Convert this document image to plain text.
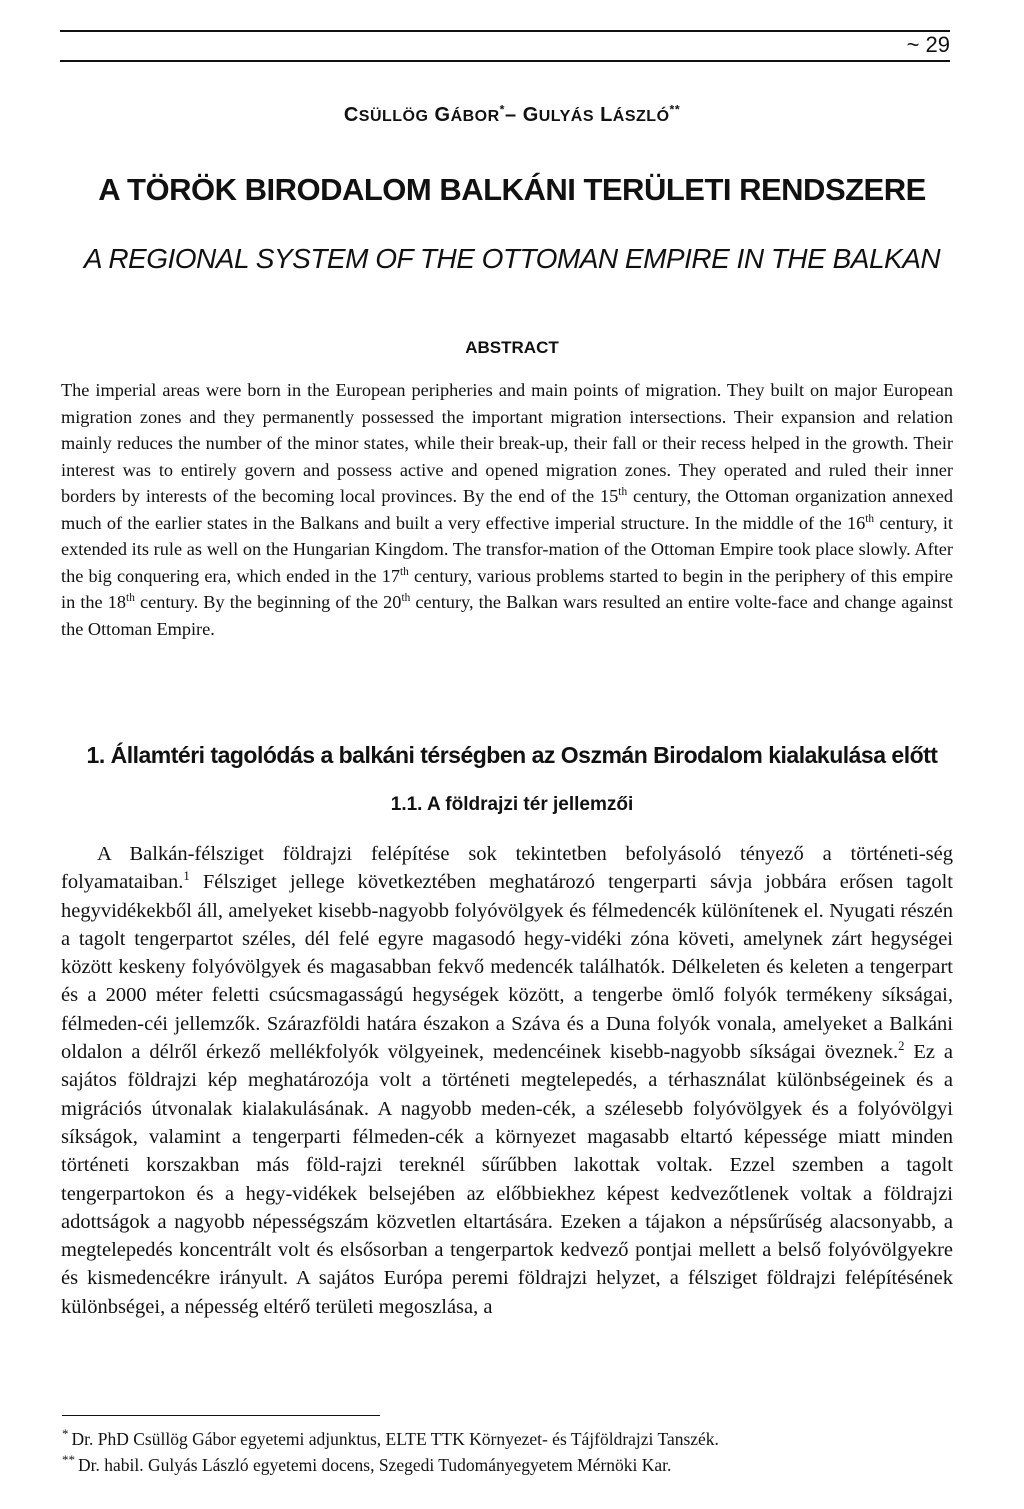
~ 29
CSÜLLÖG GÁBOR*– GULYÁS LÁSZLÓ**
A TÖRÖK BIRODALOM BALKÁNI TERÜLETI RENDSZERE
A REGIONAL SYSTEM OF THE OTTOMAN EMPIRE IN THE BALKAN
ABSTRACT
The imperial areas were born in the European peripheries and main points of migration. They built on major European migration zones and they permanently possessed the important migration intersections. Their expansion and relation mainly reduces the number of the minor states, while their break-up, their fall or their recess helped in the growth. Their interest was to entirely govern and possess active and opened migration zones. They operated and ruled their inner borders by interests of the becoming local provinces. By the end of the 15th century, the Ottoman organization annexed much of the earlier states in the Balkans and built a very effective imperial structure. In the middle of the 16th century, it extended its rule as well on the Hungarian Kingdom. The transfor-mation of the Ottoman Empire took place slowly. After the big conquering era, which ended in the 17th century, various problems started to begin in the periphery of this empire in the 18th century. By the beginning of the 20th century, the Balkan wars resulted an entire volte-face and change against the Ottoman Empire.
1. Államtéri tagolódás a balkáni térségben az Oszmán Birodalom kialakulása előtt
1.1. A földrajzi tér jellemzői
A Balkán-félsziget földrajzi felépítése sok tekintetben befolyásoló tényező a történeti-ség folyamataiban.$^1$ Félsziget jellege következtében meghatározó tengerparti sávja jobbára erősen tagolt hegyvidékekből áll, amelyeket kisebb-nagyobb folyóvölgyek és félmedencék különítenek el. Nyugati részén a tagolt tengerpartot széles, dél felé egyre magasodó hegy-vidéki zóna követi, amelynek zárt hegységei között keskeny folyóvölgyek és magasabban fekvő medencék találhatók. Délkeleten és keleten a tengerpart és a 2000 méter feletti csúcsmagasságú hegységek között, a tengerbe ömlő folyók termékeny síkságai, félmeden-céi jellemzők. Szárazföldi határa északon a Száva és a Duna folyók vonala, amelyeket a Balkáni oldalon a délről érkező mellékfolyók völgyeinek, medencéinek kisebb-nagyobb síkságai öveznek.$^2$ Ez a sajátos földrajzi kép meghatározója volt a történeti megtelepedés, a térhasználat különbségeinek és a migrációs útvonalak kialakulásának. A nagyobb meden-cék, a szélesebb folyóvölgyek és a folyóvölgyi síkságok, valamint a tengerparti félmeden-cék a környezet magasabb eltartó képessége miatt minden történeti korszakban más föld-rajzi tereknél sűrűbben lakottak voltak. Ezzel szemben a tagolt tengerpartokon és a hegy-vidékek belsejében az előbbiekhez képest kedvezőtlenek voltak a földrajzi adottságok a nagyobb népességszám közvetlen eltartására. Ezeken a tájakon a népsűrűség alacsonyabb, a megtelepedés koncentrált volt és elsősorban a tengerpartok kedvező pontjai mellett a belső folyóvölgyekre és kismedencékre irányult. A sajátos Európa peremi földrajzi helyzet, a félsziget földrajzi felépítésének különbségei, a népesség eltérő területi megoszlása, a
* Dr. PhD Csüllög Gábor egyetemi adjunktus, ELTE TTK Környezet- és Tájföldrajzi Tanszék.
** Dr. habil. Gulyás László egyetemi docens, Szegedi Tudományegyetem Mérnöki Kar.
